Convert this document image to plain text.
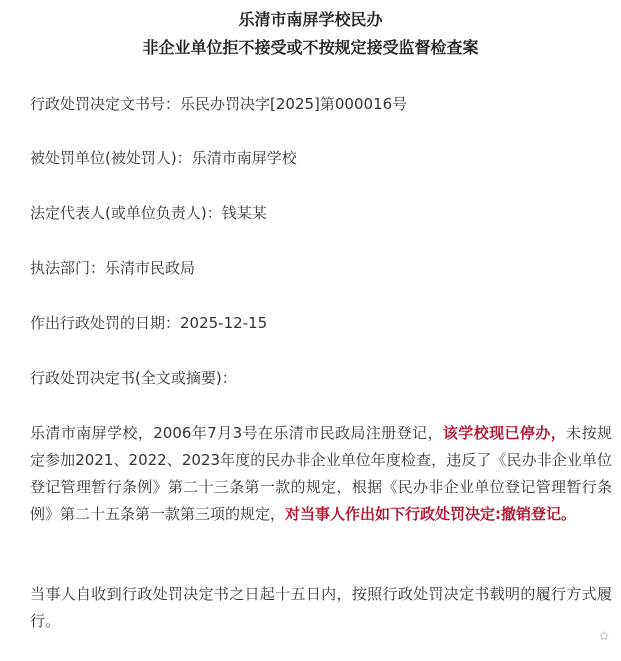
乐清市南屏学校民办
非企业单位拒不接受或不按规定接受监督检查案
行政处罚决定文书号：乐民办罚决字[2025]第000016号
被处罚单位(被处罚人)：乐清市南屏学校
法定代表人(或单位负责人)：钱某某
执法部门：乐清市民政局
作出行政处罚的日期：2025-12-15
行政处罚决定书(全文或摘要)：
乐清市南屏学校，2006年7月3号在乐清市民政局注册登记，该学校现已停办，未按规定参加2021、2022、2023年度的民办非企业单位年度检查，违反了《民办非企业单位登记管理暂行条例》第二十三条第一款的规定，根据《民办非企业单位登记管理暂行条例》第二十五条第一款第三项的规定，对当事人作出如下行政处罚决定:撤销登记。
当事人自收到行政处罚决定书之日起十五日内，按照行政处罚决定书载明的履行方式履行。
✿
